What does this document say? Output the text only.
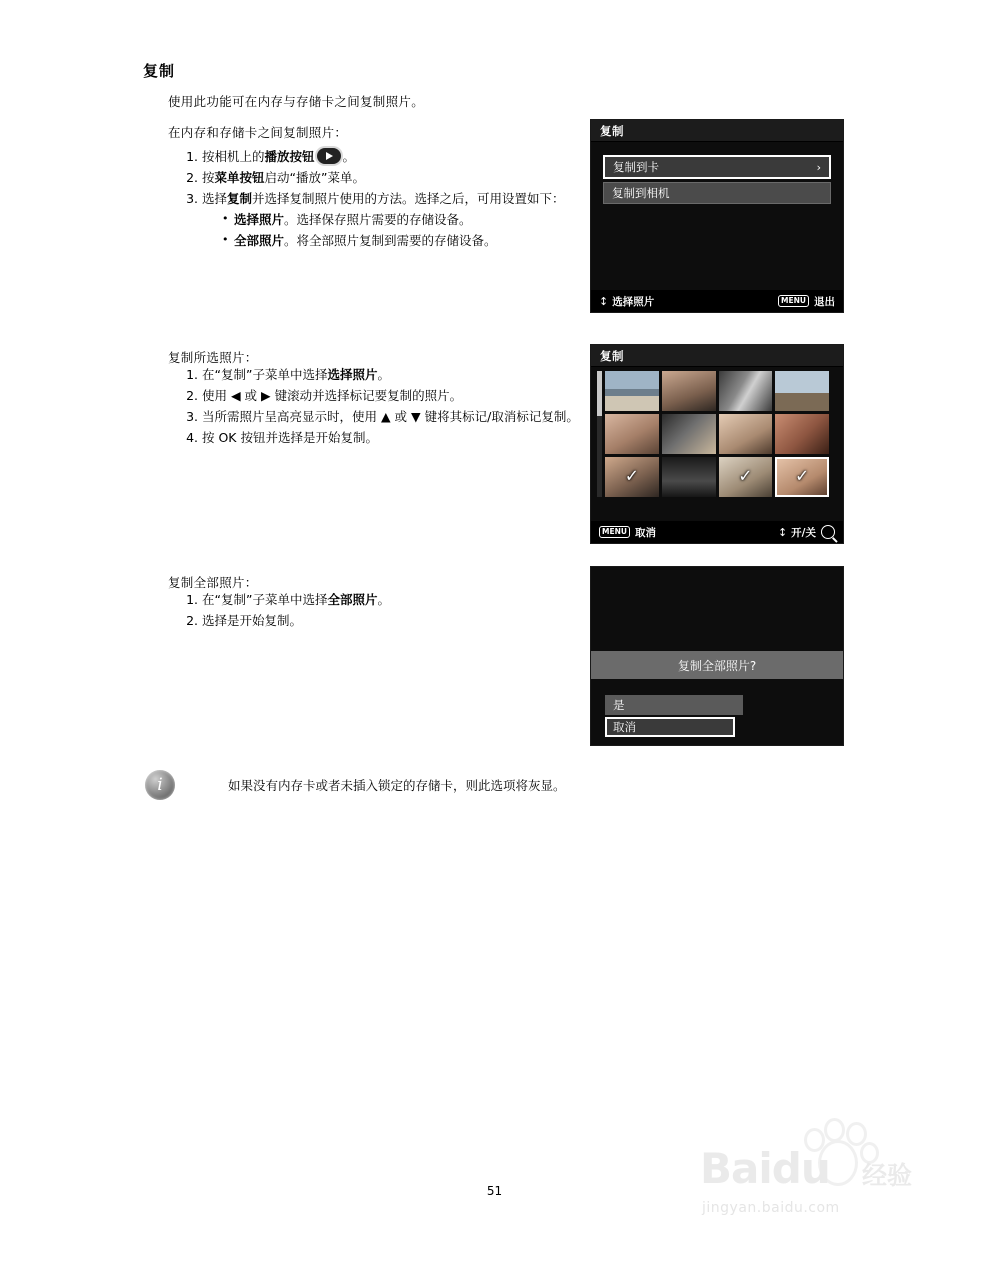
复制
使用此功能可在内存与存储卡之间复制照片。
在内存和存储卡之间复制照片：
1. 按相机上的播放按钮 。
2. 按菜单按钮启动“播放”菜单。
3. 选择复制并选择复制照片使用的方法。选择之后，可用设置如下：
• 选择照片。选择保存照片需要的存储设备。
• 全部照片。将全部照片复制到需要的存储设备。
复制所选照片：
1. 在“复制”子菜单中选择选择照片。
2. 使用 ◀ 或 ▶ 键滚动并选择标记要复制的照片。
3. 当所需照片呈高亮显示时，使用 ▲ 或 ▼ 键将其标记/取消标记复制。
4. 按 OK 按钮并选择是开始复制。
复制全部照片：
1. 在“复制”子菜单中选择全部照片。
2. 选择是开始复制。
复制
复制到卡	›
复制到相机
↕ 选择照片	MENU 退出
复制
✓	✓	✓
MENU 取消	↕ 开/关
复制全部照片?
是
取消
i	如果没有内存卡或者未插入锁定的存储卡，则此选项将灰显。
51	Baidu 经验
jingyan.baidu.com
